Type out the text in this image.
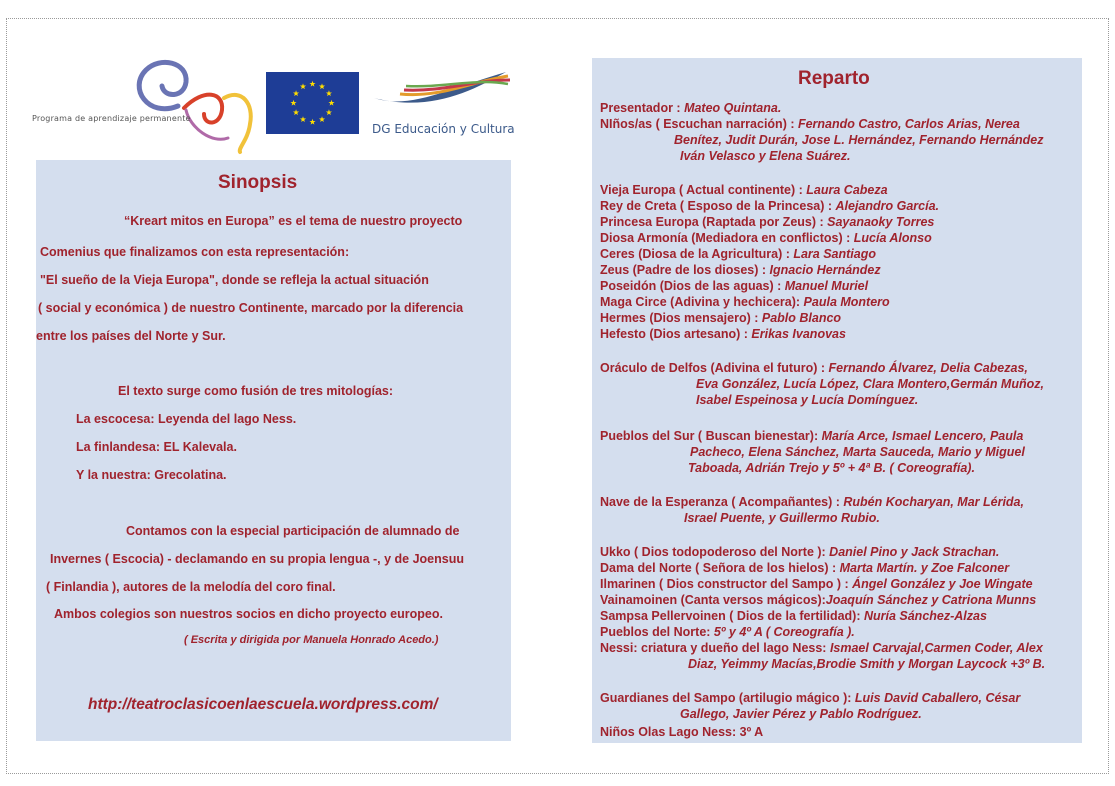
Programa de aprendizaje permanente
DG Educación y Cultura
Sinopsis

“Kreart mitos en Europa” es el tema de nuestro proyecto

Comenius que finalizamos con esta representación:

"El sueño de la Vieja Europa", donde se refleja la actual situación

( social y económica ) de nuestro Continente, marcado por la diferencia

entre los países del Norte y Sur.

El texto surge como fusión de tres mitologías:

La escocesa: Leyenda del lago Ness.

La finlandesa: EL Kalevala.

Y la nuestra: Grecolatina.

Contamos con la especial participación de alumnado de

Invernes ( Escocia) - declamando en su propia lengua -, y de Joensuu

( Finlandia ), autores de la melodía del coro final.

Ambos colegios son nuestros socios en dicho proyecto europeo.

( Escrita y dirigida por Manuela Honrado Acedo.)
http://teatroclasicoenlaescuela.wordpress.com/
Reparto
Presentador : Mateo Quintana.
NIños/as ( Escuchan narración) : Fernando Castro, Carlos Arias, Nerea
Benítez, Judit Durán, Jose L. Hernández, Fernando Hernández
Iván Velasco y Elena Suárez.
Vieja Europa ( Actual continente) : Laura Cabeza
Rey de Creta ( Esposo de la Princesa) : Alejandro García.
Princesa Europa (Raptada por Zeus) : Sayanaoky Torres
Diosa Armonía (Mediadora en conflictos) : Lucía Alonso
Ceres (Diosa de la Agricultura) : Lara Santiago
Zeus (Padre de los dioses) : Ignacio Hernández
Poseidón (Dios de las aguas) : Manuel Muriel
Maga Circe (Adivina y hechicera): Paula Montero
Hermes (Dios mensajero) : Pablo Blanco
Hefesto (Dios artesano) : Erikas Ivanovas
Oráculo de Delfos (Adivina el futuro) : Fernando Álvarez, Delia Cabezas,
Eva González, Lucía López, Clara Montero,Germán Muñoz,
Isabel Espeinosa y Lucía Domínguez.
Pueblos del Sur ( Buscan bienestar): María Arce, Ismael Lencero, Paula
Pacheco, Elena Sánchez, Marta Sauceda, Mario y Miguel
Taboada, Adrián Trejo y 5º + 4ª B. ( Coreografía).
Nave de la Esperanza ( Acompañantes) : Rubén Kocharyan, Mar Lérida,
Israel Puente, y Guillermo Rubio.
Ukko ( Dios todopoderoso del Norte ): Daniel Pino y Jack Strachan.
Dama del Norte ( Señora de los hielos) : Marta Martín. y Zoe Falconer
Ilmarinen ( Dios constructor del Sampo ) : Ángel González y Joe Wingate
Vainamoinen (Canta versos mágicos):Joaquín Sánchez y Catriona Munns
Sampsa Pellervoinen ( Dios de la fertilidad): Nuría Sánchez-Alzas
Pueblos del Norte: 5º y 4º A ( Coreografía ).
Nessi: criatura y dueño del lago Ness: Ismael Carvajal,Carmen Coder, Alex
Diaz, Yeimmy Macías,Brodie Smith y Morgan Laycock +3º B.
Guardianes del Sampo (artilugio mágico ): Luis David Caballero, César
Gallego, Javier Pérez y Pablo Rodríguez.
Niños Olas Lago Ness: 3º A
